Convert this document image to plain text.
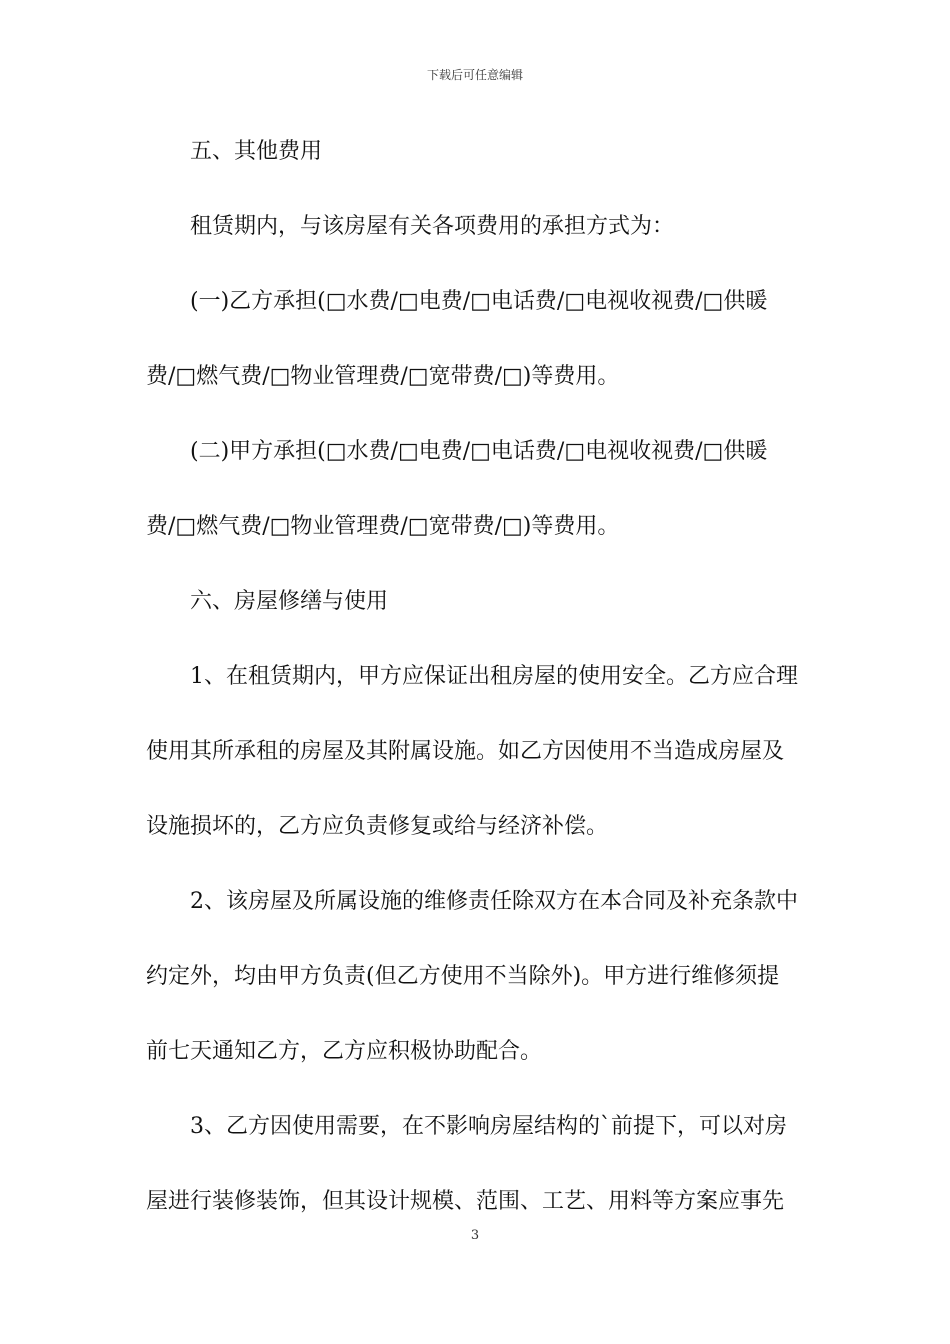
下载后可任意编辑
五、其他费用
租赁期内，与该房屋有关各项费用的承担方式为：
(一)乙方承担(□水费/□电费/□电话费/□电视收视费/□供暖
费/□燃气费/□物业管理费/□宽带费/□)等费用。
(二)甲方承担(□水费/□电费/□电话费/□电视收视费/□供暖
费/□燃气费/□物业管理费/□宽带费/□)等费用。
六、房屋修缮与使用
1、在租赁期内，甲方应保证出租房屋的使用安全。乙方应合理
使用其所承租的房屋及其附属设施。如乙方因使用不当造成房屋及
设施损坏的，乙方应负责修复或给与经济补偿。
2、该房屋及所属设施的维修责任除双方在本合同及补充条款中
约定外，均由甲方负责(但乙方使用不当除外)。甲方进行维修须提
前七天通知乙方，乙方应积极协助配合。
3、乙方因使用需要，在不影响房屋结构的`前提下，可以对房
屋进行装修装饰，但其设计规模、范围、工艺、用料等方案应事先
3
